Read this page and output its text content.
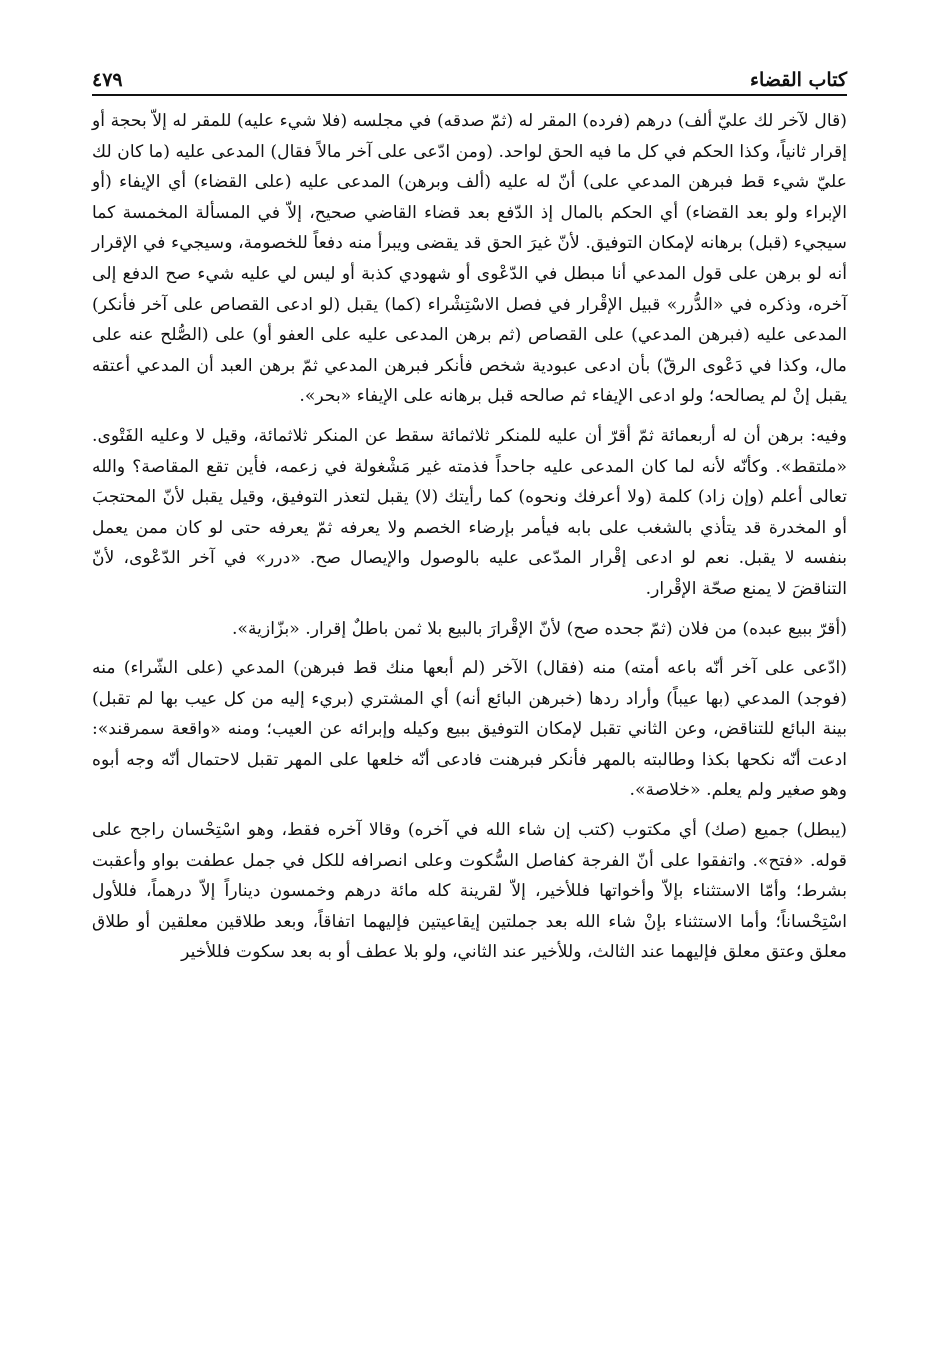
كتاب القضاء
٤٧٩

(قال لآخر لك عليّ ألف) درهم (فرده) المقر له (ثمّ صدقه) في مجلسه (فلا شيء عليه) للمقر له إلاّ بحجة أو إقرار ثانياً، وكذا الحكم في كل ما فيه الحق لواحد. (ومن ادّعى على آخر مالاً فقال) المدعى عليه (ما كان لك عليّ شيء قط فبرهن المدعي على) أنّ له عليه (ألف وبرهن) المدعى عليه (على القضاء) أي الإيفاء (أو الإبراء ولو بعد القضاء) أي الحكم بالمال إذ الدّفع بعد قضاء القاضي صحيح، إلاّ في المسألة المخمسة كما سيجيء (قبل) برهانه لإمكان التوفيق. لأنّ غيرَ الحق قد يقضى ويبرأ منه دفعاً للخصومة، وسيجيء في الإقرار أنه لو برهن على قول المدعي أنا مبطل في الدّعْوى أو شهودي كذبة أو ليس لي عليه شيء صح الدفع إلى آخره، وذكره في «الدُّرر» قبيل الإقْرار في فصل الاسْتِشْراء (كما) يقبل (لو ادعى القصاص على آخر فأنكر) المدعى عليه (فبرهن المدعي) على القصاص (ثم برهن المدعى عليه على العفو أو) على (الصُّلح عنه على مال، وكذا في دَعْوى الرقّ) بأن ادعى عبودية شخص فأنكر فبرهن المدعي ثمّ برهن العبد أن المدعي أعتقه يقبل إنْ لم يصالحه؛ ولو ادعى الإيفاء ثم صالحه قبل برهانه على الإيفاء «بحر».

وفيه: برهن أن له أربعمائة ثمّ أقرّ أن عليه للمنكر ثلاثمائة سقط عن المنكر ثلاثمائة، وقيل لا وعليه الفَتْوى. «ملتقط». وكأنّه لأنه لما كان المدعى عليه جاحداً فذمته غير مَشْغولة في زعمه، فأين تقع المقاصة؟ والله تعالى أعلم (وإن زاد) كلمة (ولا أعرفك ونحوه) كما رأيتك (لا) يقبل لتعذر التوفيق، وقيل يقبل لأنّ المحتجبَ أو المخدرة قد يتأذي بالشغب على بابه فيأمر بإرضاء الخصم ولا يعرفه ثمّ يعرفه حتى لو كان ممن يعمل بنفسه لا يقبل. نعم لو ادعى إقْرار المدّعى عليه بالوصول والإيصال صح. «درر» في آخر الدّعْوى، لأنّ التناقضَ لا يمنع صحّة الإقْرار.

(أقرّ ببيع عبده) من فلان (ثمّ جحده صح) لأنّ الإقْرارَ بالبيع بلا ثمن باطلٌ إقرار. «بزّازية».

(ادّعى على آخر أنّه باعه أمته) منه (فقال) الآخر (لم أبعها منك قط فبرهن) المدعي (على الشّراء) منه (فوجد) المدعي (بها عيباً) وأراد ردها (خبرهن البائع أنه) أي المشتري (بريء إليه من كل عيب بها لم تقبل) بينة البائع للتناقض، وعن الثاني تقبل لإمكان التوفيق ببيع وكيله وإبرائه عن العيب؛ ومنه «واقعة سمرقند»: ادعت أنّه نكحها بكذا وطالبته بالمهر فأنكر فبرهنت فادعى أنّه خلعها على المهر تقبل لاحتمال أنّه وجه أبوه وهو صغير ولم يعلم. «خلاصة».

(يبطل) جميع (صك) أي مكتوب (كتب إن شاء الله في آخره) وقالا آخره فقط، وهو اسْتِحْسان راجح على قوله. «فتح». واتفقوا على أنّ الفرجة كفاصل السُّكوت وعلى انصرافه للكل في جمل عطفت بواو وأعقبت بشرط؛ وأمّا الاستثناء بإلاّ وأخواتها فللأخير، إلاّ لقرينة كله مائة درهم وخمسون ديناراً إلاّ درهماً، فللأول اسْتِحْساناً؛ وأما الاستثناء بإنْ شاء الله بعد جملتين إيقاعيتين فإليهما اتفاقاً، وبعد طلاقين معلقين أو طلاق معلق وعتق معلق فإليهما عند الثالث، وللأخير عند الثاني، ولو بلا عطف أو به بعد سكوت فللأخير
